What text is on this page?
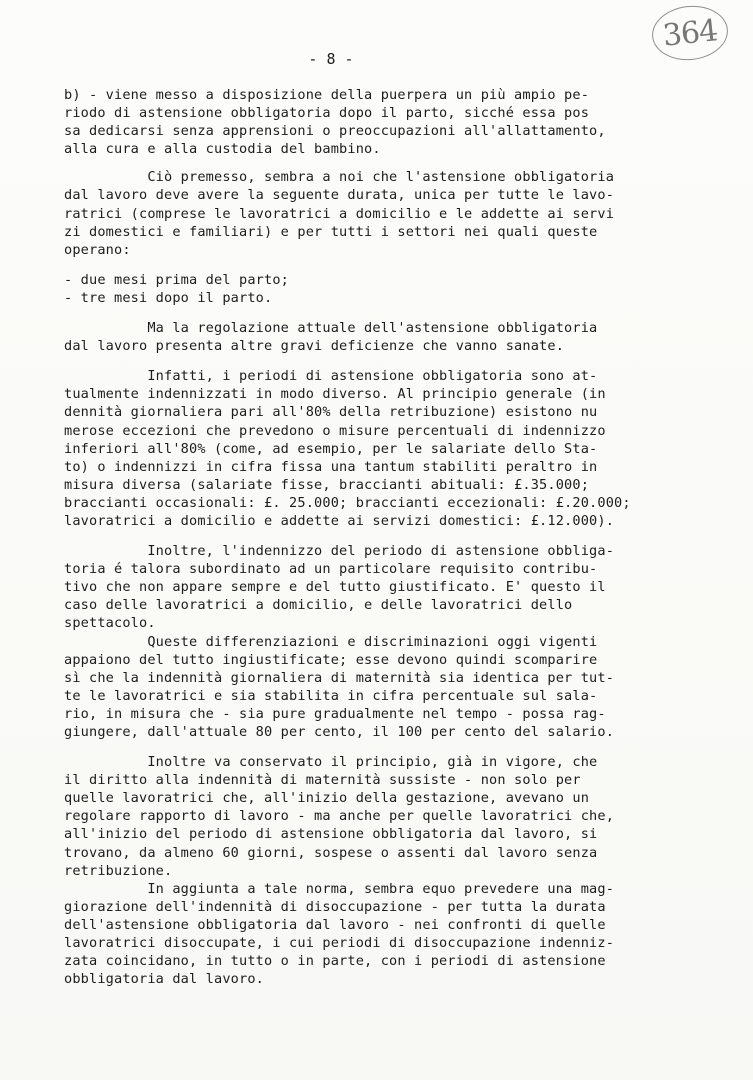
364
- 8 -
b) - viene messo a disposizione della puerpera un più ampio pe-
riodo di astensione obbligatoria dopo il parto, sicché essa pos
sa dedicarsi senza apprensioni o preoccupazioni all'allattamento,
alla cura e alla custodia del bambino.
Ciò premesso, sembra a noi che l'astensione obbligatoria
dal lavoro deve avere la seguente durata, unica per tutte le lavo-
ratrici (comprese le lavoratrici a domicilio e le addette ai servi
zi domestici e familiari) e per tutti i settori nei quali queste
operano:
- due mesi prima del parto;
- tre mesi dopo il parto.
Ma la regolazione attuale dell'astensione obbligatoria
dal lavoro presenta altre gravi deficienze che vanno sanate.
Infatti, i periodi di astensione obbligatoria sono at-
tualmente indennizzati in modo diverso. Al principio generale (in
dennità giornaliera pari all'80% della retribuzione) esistono nu
merose eccezioni che prevedono o misure percentuali di indennizzo
inferiori all'80% (come, ad esempio, per le salariate dello Sta-
to) o indennizzi in cifra fissa una tantum stabiliti peraltro in
misura diversa (salariate fisse, braccianti abituali: £.35.000;
braccianti occasionali: £. 25.000; braccianti eccezionali: £.20.000;
lavoratrici a domicilio e addette ai servizi domestici: £.12.000).
Inoltre, l'indennizzo del periodo di astensione obbliga-
toria é talora subordinato ad un particolare requisito contribu-
tivo che non appare sempre e del tutto giustificato. E' questo il
caso delle lavoratrici a domicilio, e delle lavoratrici dello
spettacolo.
Queste differenziazioni e discriminazioni oggi vigenti
appaiono del tutto ingiustificate; esse devono quindi scomparire
sì che la indennità giornaliera di maternità sia identica per tut-
te le lavoratrici e sia stabilita in cifra percentuale sul sala-
rio, in misura che - sia pure gradualmente nel tempo - possa rag-
giungere, dall'attuale 80 per cento, il 100 per cento del salario.
Inoltre va conservato il principio, già in vigore, che
il diritto alla indennità di maternità sussiste - non solo per
quelle lavoratrici che, all'inizio della gestazione, avevano un
regolare rapporto di lavoro - ma anche per quelle lavoratrici che,
all'inizio del periodo di astensione obbligatoria dal lavoro, si
trovano, da almeno 60 giorni, sospese o assenti dal lavoro senza
retribuzione.
In aggiunta a tale norma, sembra equo prevedere una mag-
giorazione dell'indennità di disoccupazione - per tutta la durata
dell'astensione obbligatoria dal lavoro - nei confronti di quelle
lavoratrici disoccupate, i cui periodi di disoccupazione indenniz-
zata coincidano, in tutto o in parte, con i periodi di astensione
obbligatoria dal lavoro.
